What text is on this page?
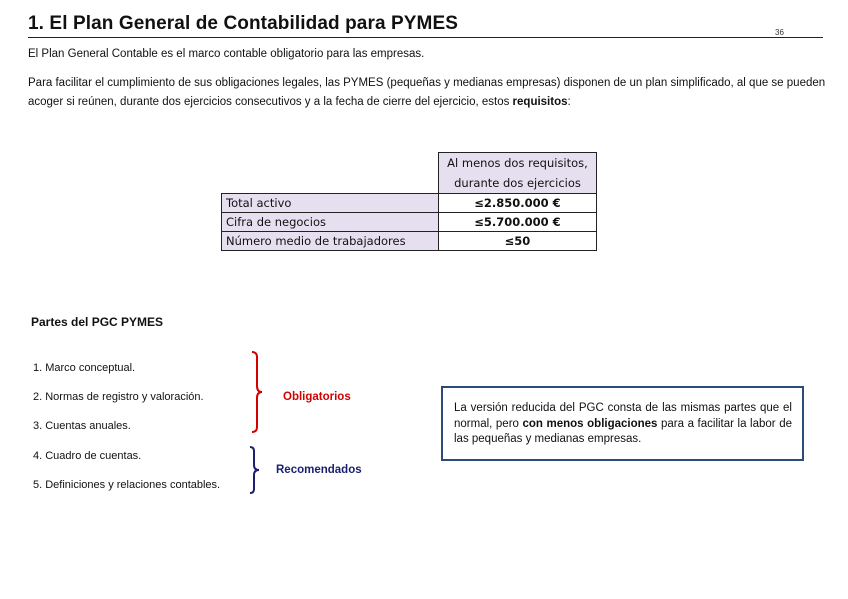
1. El Plan General de Contabilidad para PYMES	36
El Plan General Contable es el marco contable obligatorio para las empresas.
Para facilitar el cumplimiento de sus obligaciones legales, las PYMES (pequeñas y medianas empresas) disponen de un plan simplificado, al que se pueden acoger si reúnen, durante dos ejercicios consecutivos y a la fecha de cierre del ejercicio, estos requisitos:

	Al menos dos requisitos,
durante dos ejercicios

Total activo	≤2.850.000 €
Cifra de negocios	≤5.700.000 €
Número medio de trabajadores	≤50
Partes del PGC PYMES
1. Marco conceptual.
2. Normas de registro y valoración.
3. Cuentas anuales.
4. Cuadro de cuentas.
5. Definiciones y relaciones contables.
Obligatorios
Recomendados
La versión reducida del PGC consta de las mismas partes que el normal, pero con menos obligaciones para a facilitar la labor de las pequeñas y medianas empresas.
